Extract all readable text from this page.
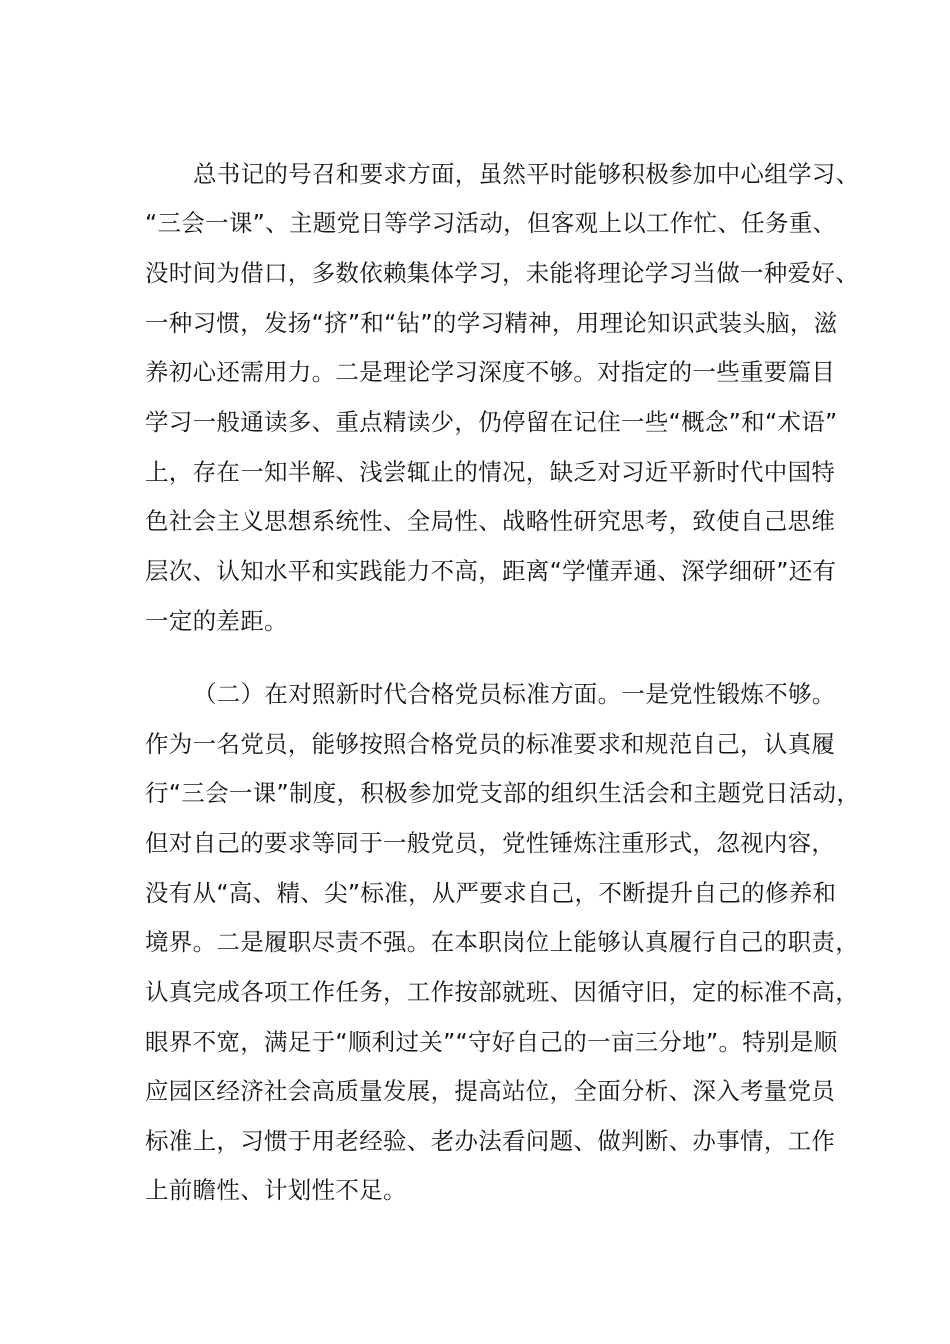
总书记的号召和要求方面，虽然平时能够积极参加中心组学习、
“三会一课”、主题党日等学习活动，但客观上以工作忙、任务重、
没时间为借口，多数依赖集体学习，未能将理论学习当做一种爱好、
一种习惯，发扬“挤”和“钻”的学习精神，用理论知识武装头脑，滋
养初心还需用力。二是理论学习深度不够。对指定的一些重要篇目
学习一般通读多、重点精读少，仍停留在记住一些“概念”和“术语”
上，存在一知半解、浅尝辄止的情况，缺乏对习近平新时代中国特
色社会主义思想系统性、全局性、战略性研究思考，致使自己思维
层次、认知水平和实践能力不高，距离“学懂弄通、深学细研”还有
一定的差距。
（二）在对照新时代合格党员标准方面。一是党性锻炼不够。
作为一名党员，能够按照合格党员的标准要求和规范自己，认真履
行“三会一课”制度，积极参加党支部的组织生活会和主题党日活动，
但对自己的要求等同于一般党员，党性锤炼注重形式，忽视内容，
没有从“高、精、尖”标准，从严要求自己，不断提升自己的修养和
境界。二是履职尽责不强。在本职岗位上能够认真履行自己的职责，
认真完成各项工作任务，工作按部就班、因循守旧，定的标准不高，
眼界不宽，满足于“顺利过关”“守好自己的一亩三分地”。特别是顺
应园区经济社会高质量发展，提高站位，全面分析、深入考量党员
标准上，习惯于用老经验、老办法看问题、做判断、办事情，工作
上前瞻性、计划性不足。
